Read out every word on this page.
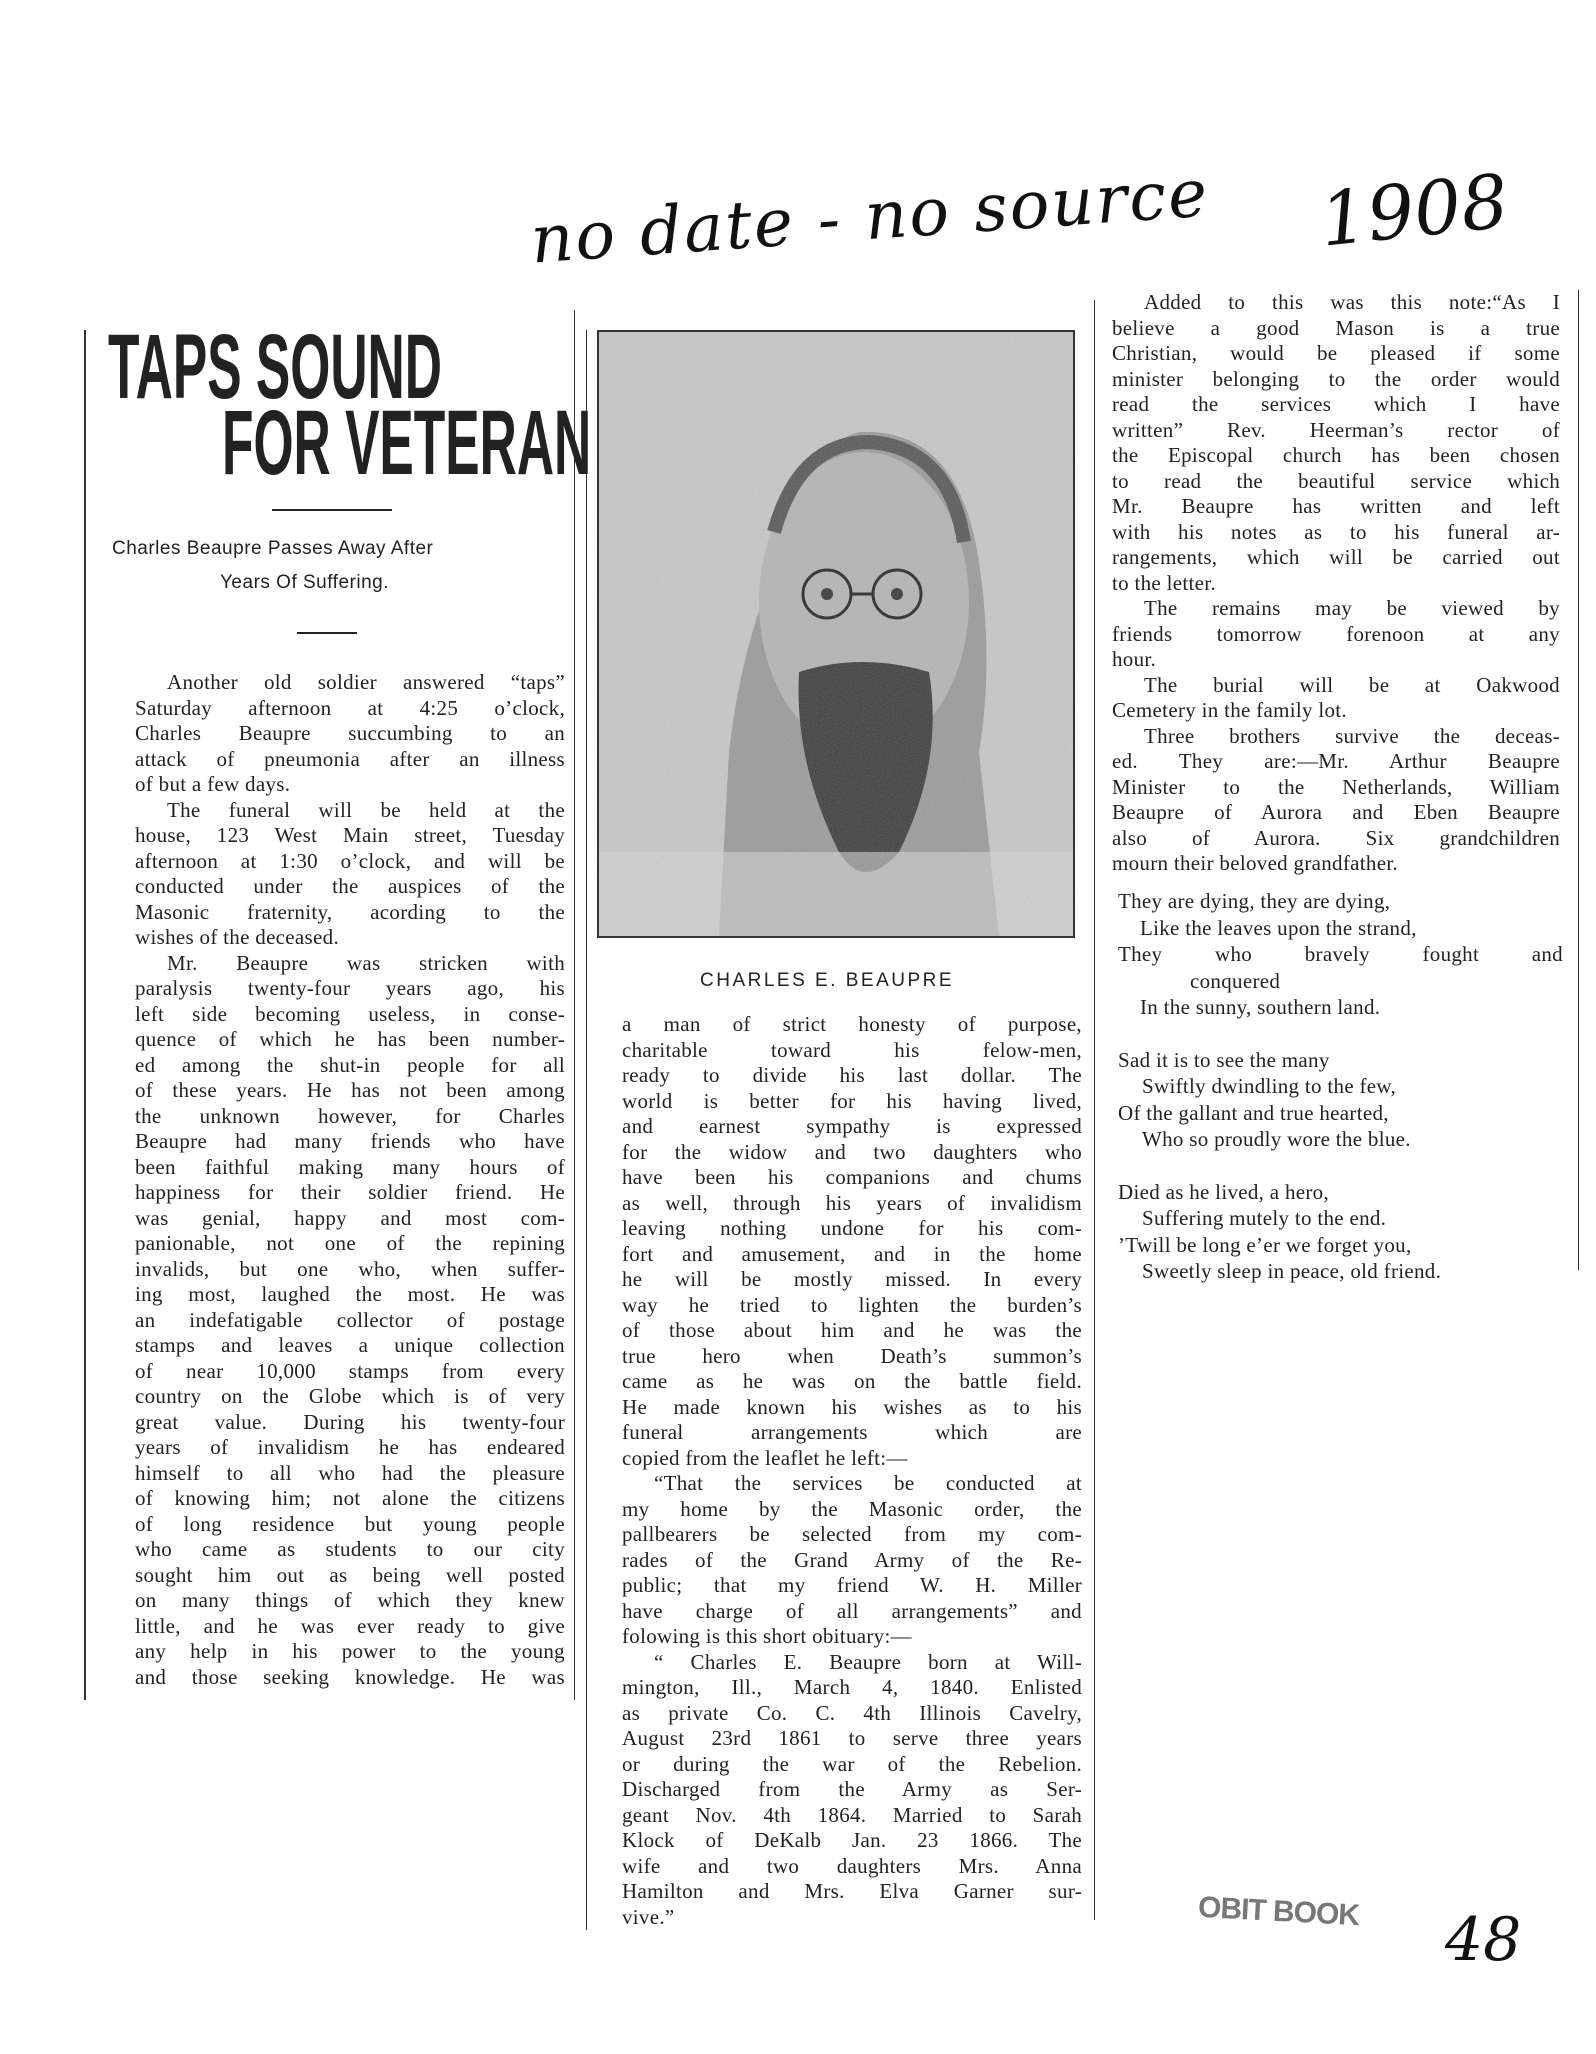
no date - no source 1908
TAPS SOUND
FOR VETERAN
Charles Beaupre Passes Away After
Years Of Suffering.
Another old soldier answered “taps”
Saturday afternoon at 4:25 o’clock,
Charles Beaupre succumbing to an
attack of pneumonia after an illness
of but a few days.
The funeral will be held at the
house, 123 West Main street, Tuesday
afternoon at 1:30 o’clock, and will be
conducted under the auspices of the
Masonic fraternity, acording to the
wishes of the deceased.
Mr. Beaupre was stricken with
paralysis twenty-four years ago, his
left side becoming useless, in conse-
quence of which he has been number-
ed among the shut-in people for all
of these years. He has not been among
the unknown however, for Charles
Beaupre had many friends who have
been faithful making many hours of
happiness for their soldier friend. He
was genial, happy and most com-
panionable, not one of the repining
invalids, but one who, when suffer-
ing most, laughed the most. He was
an indefatigable collector of postage
stamps and leaves a unique collection
of near 10,000 stamps from every
country on the Globe which is of very
great value. During his twenty-four
years of invalidism he has endeared
himself to all who had the pleasure
of knowing him; not alone the citizens
of long residence but young people
who came as students to our city
sought him out as being well posted
on many things of which they knew
little, and he was ever ready to give
any help in his power to the young
and those seeking knowledge. He was
CHARLES E. BEAUPRE
a man of strict honesty of purpose,
charitable toward his felow-men,
ready to divide his last dollar. The
world is better for his having lived,
and earnest sympathy is expressed
for the widow and two daughters who
have been his companions and chums
as well, through his years of invalidism
leaving nothing undone for his com-
fort and amusement, and in the home
he will be mostly missed. In every
way he tried to lighten the burden’s
of those about him and he was the
true hero when Death’s summon’s
came as he was on the battle field.
He made known his wishes as to his
funeral arrangements which are
copied from the leaflet he left:—
“That the services be conducted at
my home by the Masonic order, the
pallbearers be selected from my com-
rades of the Grand Army of the Re-
public; that my friend W. H. Miller
have charge of all arrangements” and
folowing is this short obituary:—
“ Charles E. Beaupre born at Will-
mington, Ill., March 4, 1840. Enlisted
as private Co. C. 4th Illinois Cavelry,
August 23rd 1861 to serve three years
or during the war of the Rebelion.
Discharged from the Army as Ser-
geant Nov. 4th 1864. Married to Sarah
Klock of DeKalb Jan. 23 1866. The
wife and two daughters Mrs. Anna
Hamilton and Mrs. Elva Garner sur-
vive.”
Added to this was this note:“As I
believe a good Mason is a true
Christian, would be pleased if some
minister belonging to the order would
read the services which I have
written” Rev. Heerman’s rector of
the Episcopal church has been chosen
to read the beautiful service which
Mr. Beaupre has written and left
with his notes as to his funeral ar-
rangements, which will be carried out
to the letter.
The remains may be viewed by
friends tomorrow forenoon at any
hour.
The burial will be at Oakwood
Cemetery in the family lot.
Three brothers survive the deceas-
ed. They are:—Mr. Arthur Beaupre
Minister to the Netherlands, William
Beaupre of Aurora and Eben Beaupre
also of Aurora. Six grandchildren
mourn their beloved grandfather.
They are dying, they are dying,
Like the leaves upon the strand,
They who bravely fought and
conquered
In the sunny, southern land.
Sad it is to see the many
Swiftly dwindling to the few,
Of the gallant and true hearted,
Who so proudly wore the blue.
Died as he lived, a hero,
Suffering mutely to the end.
’Twill be long e’er we forget you,
Sweetly sleep in peace, old friend.
OBIT BOOK 48
